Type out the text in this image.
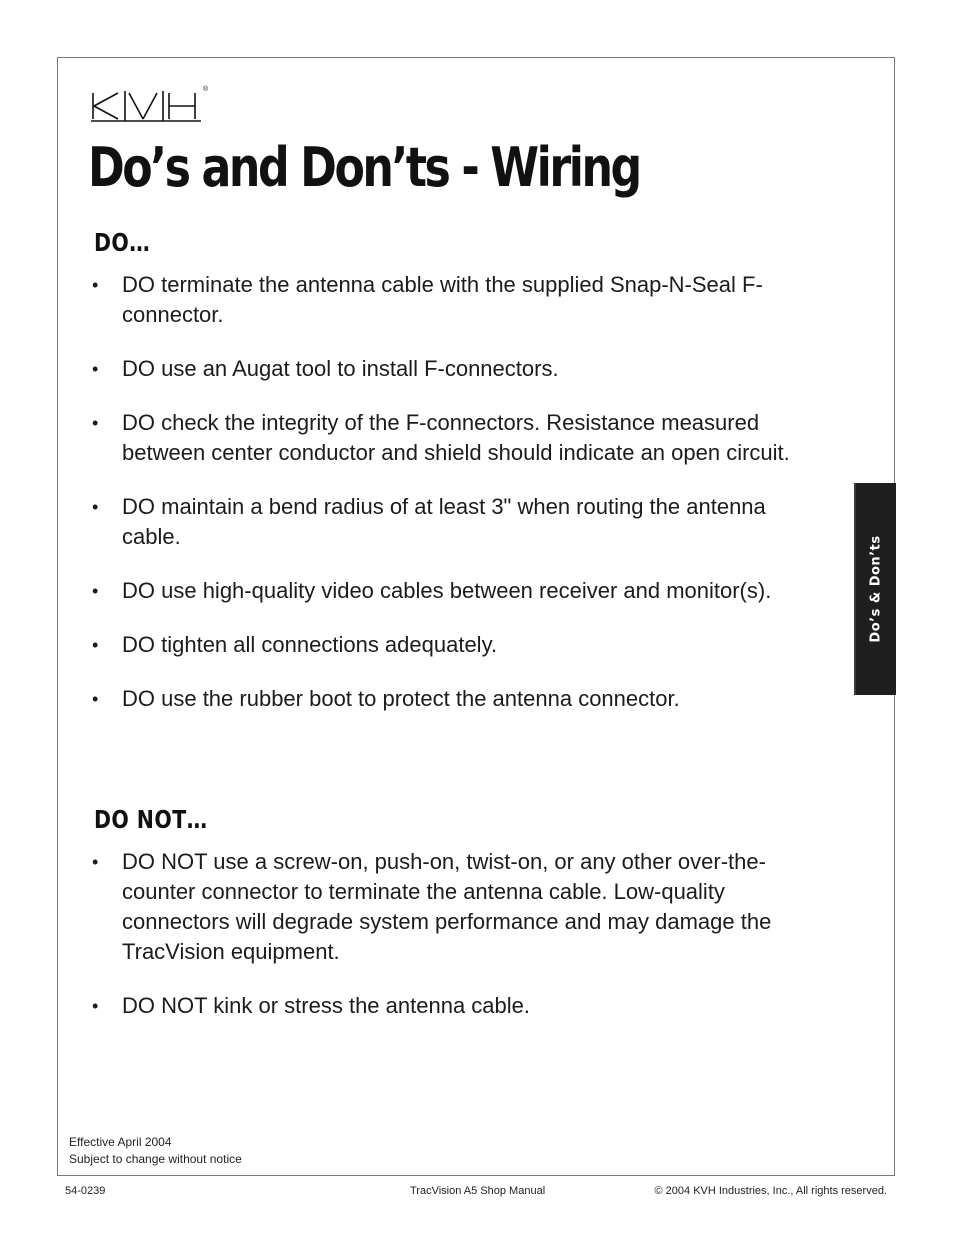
®
Do’s and Don’ts - Wiring
DO…
• DO terminate the antenna cable with the supplied Snap-N-Seal F-connector.
• DO use an Augat tool to install F-connectors.
• DO check the integrity of the F-connectors. Resistance measured between center conductor and shield should indicate an open circuit.
• DO maintain a bend radius of at least 3" when routing the antenna cable.
• DO use high-quality video cables between receiver and monitor(s).
• DO tighten all connections adequately.
• DO use the rubber boot to protect the antenna connector.
DO NOT…
• DO NOT use a screw-on, push-on, twist-on, or any other over-the-counter connector to terminate the antenna cable. Low-quality connectors will degrade system performance and may damage the TracVision equipment.
• DO NOT kink or stress the antenna cable.
Do’s & Don’ts
Effective April 2004
Subject to change without notice
54-0239	TracVision A5 Shop Manual	© 2004 KVH Industries, Inc., All rights reserved.
